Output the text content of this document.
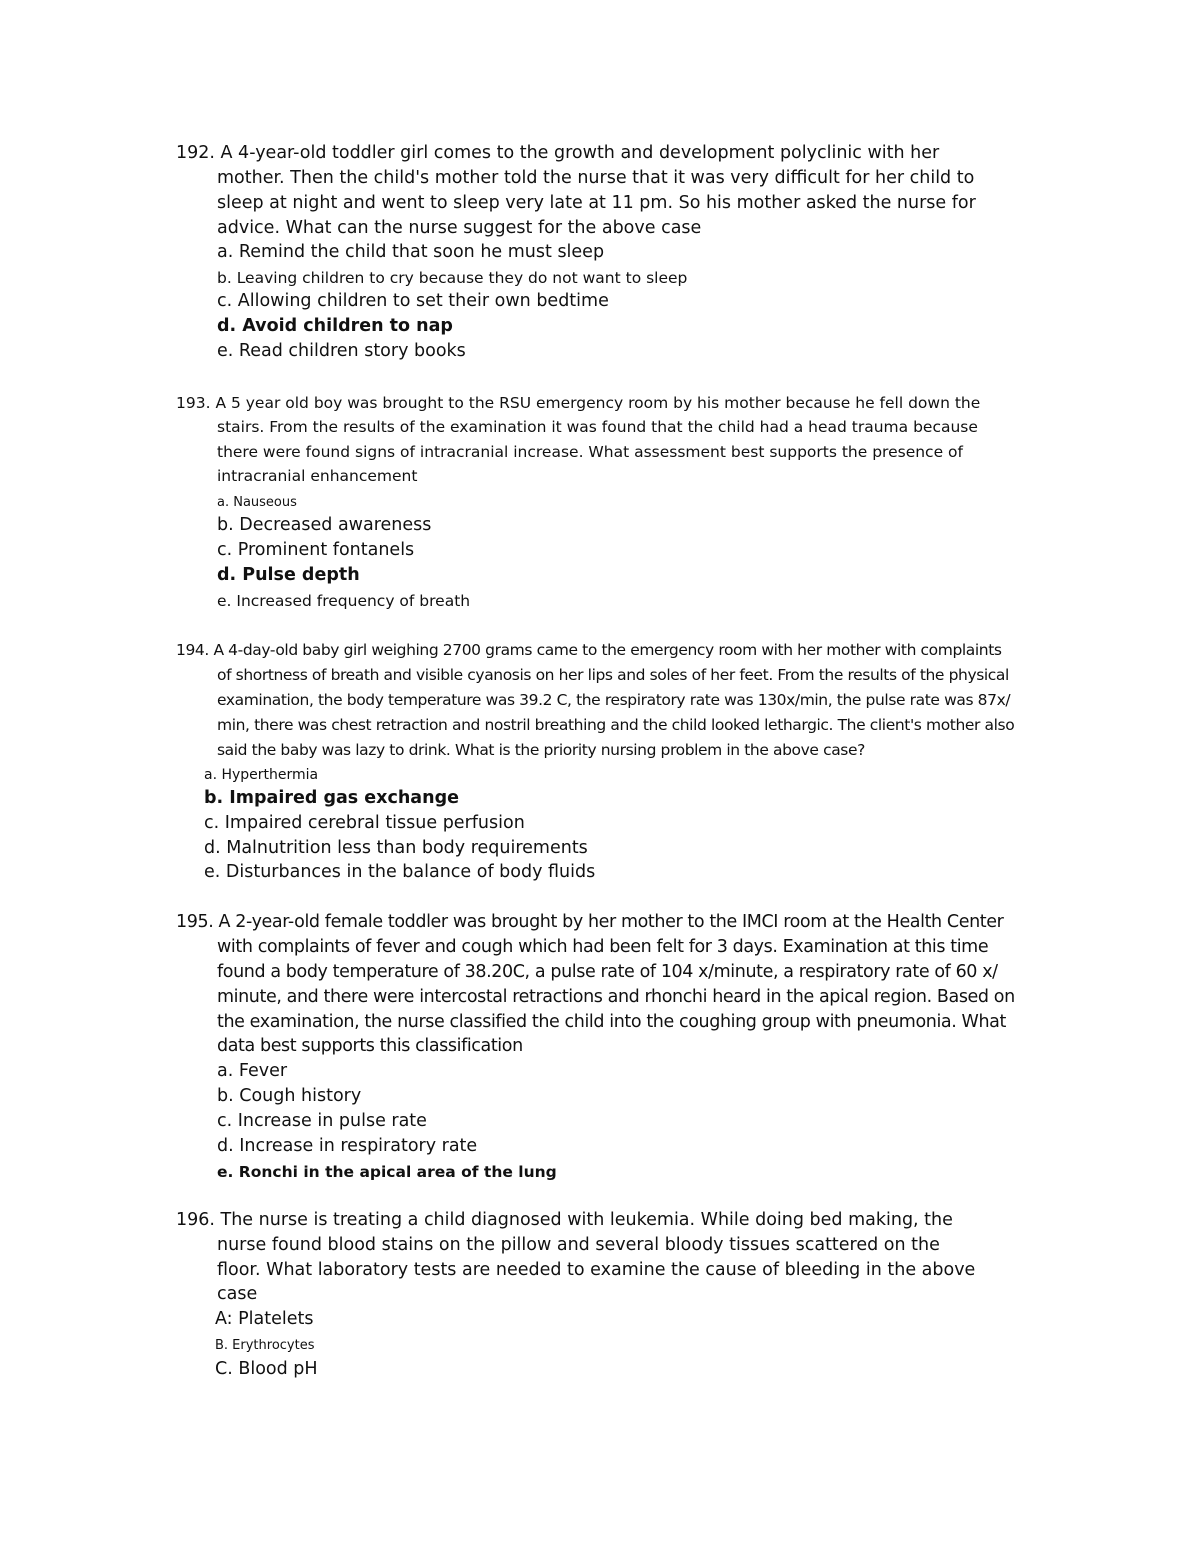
192. A 4-year-old toddler girl comes to the growth and development polyclinic with her
mother. Then the child's mother told the nurse that it was very difficult for her child to
sleep at night and went to sleep very late at 11 pm. So his mother asked the nurse for
advice. What can the nurse suggest for the above case
a. Remind the child that soon he must sleep
b. Leaving children to cry because they do not want to sleep
c. Allowing children to set their own bedtime
d. Avoid children to nap
e. Read children story books
193. A 5 year old boy was brought to the RSU emergency room by his mother because he fell down the
stairs. From the results of the examination it was found that the child had a head trauma because
there were found signs of intracranial increase. What assessment best supports the presence of
intracranial enhancement
a. Nauseous
b. Decreased awareness
c. Prominent fontanels
d. Pulse depth
e. Increased frequency of breath
194. A 4-day-old baby girl weighing 2700 grams came to the emergency room with her mother with complaints
of shortness of breath and visible cyanosis on her lips and soles of her feet. From the results of the physical
examination, the body temperature was 39.2 C, the respiratory rate was 130x/min, the pulse rate was 87x/
min, there was chest retraction and nostril breathing and the child looked lethargic. The client's mother also
said the baby was lazy to drink. What is the priority nursing problem in the above case?
a. Hyperthermia
b. Impaired gas exchange
c. Impaired cerebral tissue perfusion
d. Malnutrition less than body requirements
e. Disturbances in the balance of body fluids
195. A 2-year-old female toddler was brought by her mother to the IMCI room at the Health Center
with complaints of fever and cough which had been felt for 3 days. Examination at this time
found a body temperature of 38.20C, a pulse rate of 104 x/minute, a respiratory rate of 60 x/
minute, and there were intercostal retractions and rhonchi heard in the apical region. Based on
the examination, the nurse classified the child into the coughing group with pneumonia. What
data best supports this classification
a. Fever
b. Cough history
c. Increase in pulse rate
d. Increase in respiratory rate
e. Ronchi in the apical area of the lung
196. The nurse is treating a child diagnosed with leukemia. While doing bed making, the
nurse found blood stains on the pillow and several bloody tissues scattered on the
floor. What laboratory tests are needed to examine the cause of bleeding in the above
case
A: Platelets
B. Erythrocytes
C. Blood pH
